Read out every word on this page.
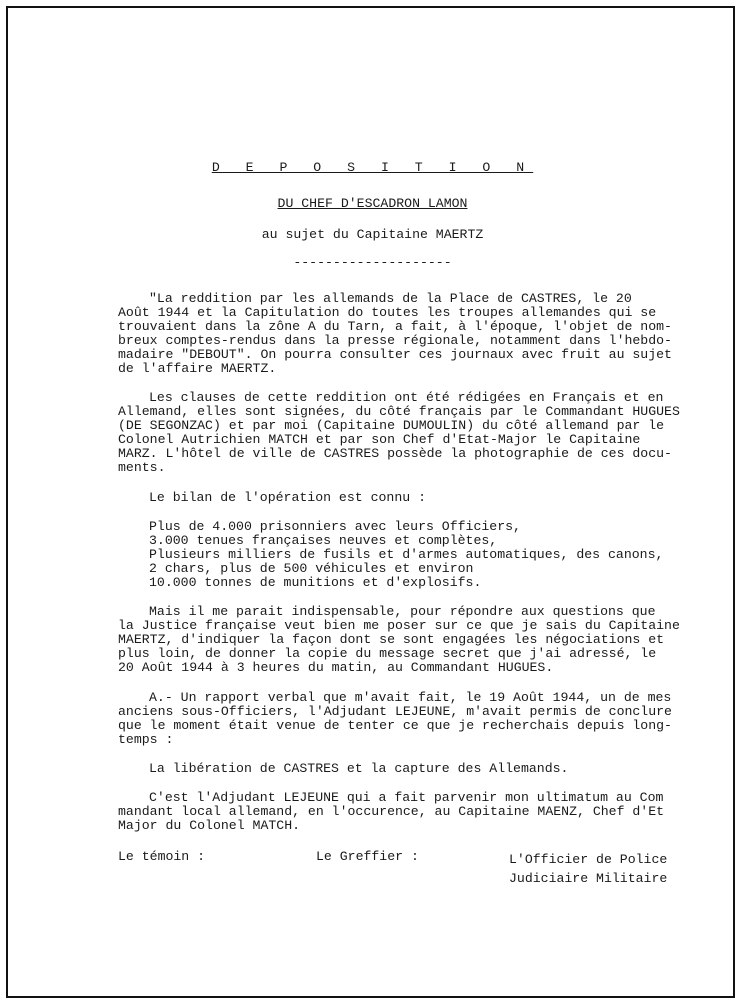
D E P O S I T I O N
DU CHEF D'ESCADRON LAMON
au sujet du Capitaine MAERTZ
--------------------
"La reddition par les allemands de la Place de CASTRES, le 20
Août 1944 et la Capitulation do toutes les troupes allemandes qui se
trouvaient dans la zône A du Tarn, a fait, à l'époque, l'objet de nom-
breux comptes-rendus dans la presse régionale, notamment dans l'hebdo-
madaire "DEBOUT". On pourra consulter ces journaux avec fruit au sujet
de l'affaire MAERTZ.
Les clauses de cette reddition ont été rédigées en Français et en
Allemand, elles sont signées, du côté français par le Commandant HUGUES
(DE SEGONZAC) et par moi (Capitaine DUMOULIN) du côté allemand par le
Colonel Autrichien MATCH et par son Chef d'Etat-Major le Capitaine
MARZ. L'hôtel de ville de CASTRES possède la photographie de ces docu-
ments.
Le bilan de l'opération est connu :
Plus de 4.000 prisonniers avec leurs Officiers,
3.000 tenues françaises neuves et complètes,
Plusieurs milliers de fusils et d'armes automatiques, des canons,
2 chars, plus de 500 véhicules et environ
10.000 tonnes de munitions et d'explosifs.
Mais il me parait indispensable, pour répondre aux questions que
la Justice française veut bien me poser sur ce que je sais du Capitaine
MAERTZ, d'indiquer la façon dont se sont engagées les négociations et
plus loin, de donner la copie du message secret que j'ai adressé, le
20 Août 1944 à 3 heures du matin, au Commandant HUGUES.
A.- Un rapport verbal que m'avait fait, le 19 Août 1944, un de mes
anciens sous-Officiers, l'Adjudant LEJEUNE, m'avait permis de conclure
que le moment était venue de tenter ce que je recherchais depuis long-
temps :
La libération de CASTRES et la capture des Allemands.
C'est l'Adjudant LEJEUNE qui a fait parvenir mon ultimatum au Com
mandant local allemand, en l'occurence, au Capitaine MAENZ, Chef d'Et
Major du Colonel MATCH.
Le témoin :	Le Greffier :	L'Officier de Police
Judiciaire Militaire
